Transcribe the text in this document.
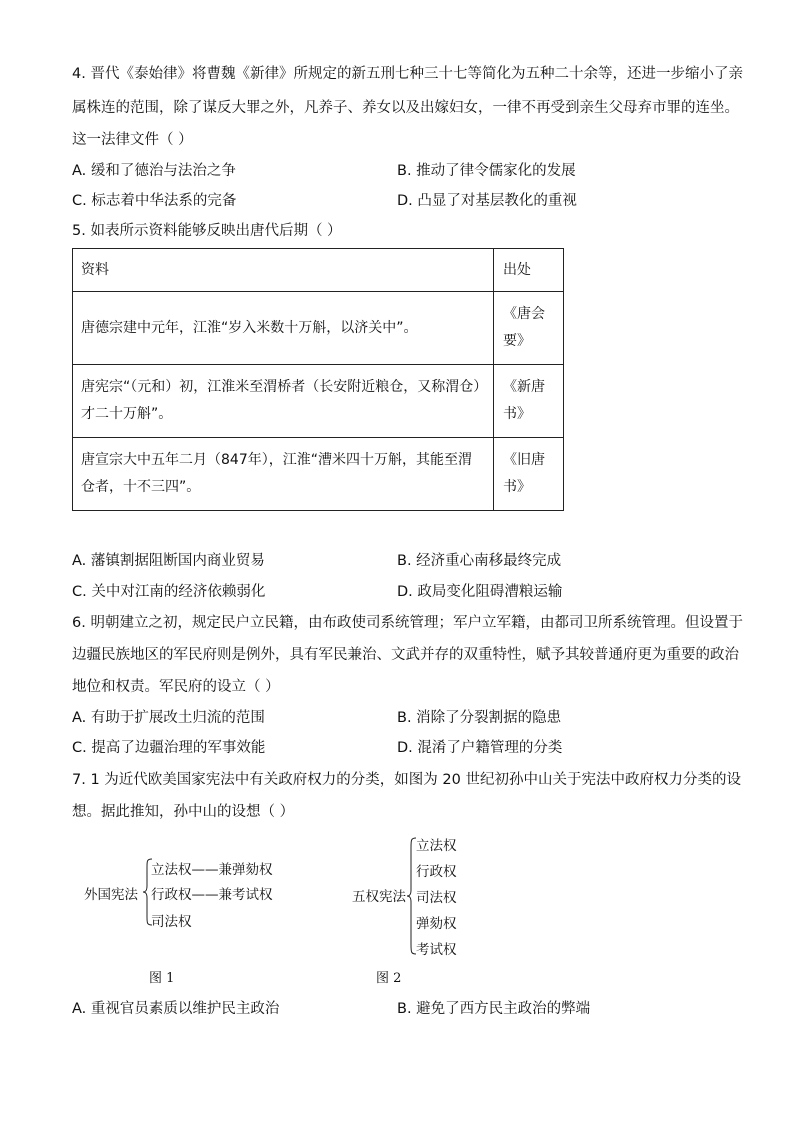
4. 晋代《泰始律》将曹魏《新律》所规定的新五刑七种三十七等简化为五种二十余等，还进一步缩小了亲
属株连的范围，除了谋反大罪之外，凡养子、养女以及出嫁妇女，一律不再受到亲生父母弃市罪的连坐。
这一法律文件（ ）
A. 缓和了德治与法治之争	B. 推动了律令儒家化的发展
C. 标志着中华法系的完备	D. 凸显了对基层教化的重视
5. 如表所示资料能够反映出唐代后期（ ）
资料	出处
唐德宗建中元年，江淮“岁入米数十万斛，以济关中”。	《唐会要》
唐宪宗“（元和）初，江淮米至渭桥者（长安附近粮仓，又称渭仓）才二十万斛”。	《新唐书》
唐宣宗大中五年二月（847年），江淮“漕米四十万斛，其能至渭仓者，十不三四”。	《旧唐书》
A. 藩镇割据阻断国内商业贸易	B. 经济重心南移最终完成
C. 关中对江南的经济依赖弱化	D. 政局变化阻碍漕粮运输
6. 明朝建立之初，规定民户立民籍，由布政使司系统管理；军户立军籍，由都司卫所系统管理。但设置于
边疆民族地区的军民府则是例外，具有军民兼治、文武并存的双重特性，赋予其较普通府更为重要的政治
地位和权责。军民府的设立（ ）
A. 有助于扩展改土归流的范围	B. 消除了分裂割据的隐患
C. 提高了边疆治理的军事效能	D. 混淆了户籍管理的分类
7. 1 为近代欧美国家宪法中有关政府权力的分类，如图为 20 世纪初孙中山关于宪法中政府权力分类的设
想。据此推知，孙中山的设想（ ）
外国宪法
立法权——兼弹劾权
行政权——兼考试权
司法权
图 1
五权宪法
立法权
行政权
司法权
弹劾权
考试权
图 2
A. 重视官员素质以维护民主政治	B. 避免了西方民主政治的弊端
